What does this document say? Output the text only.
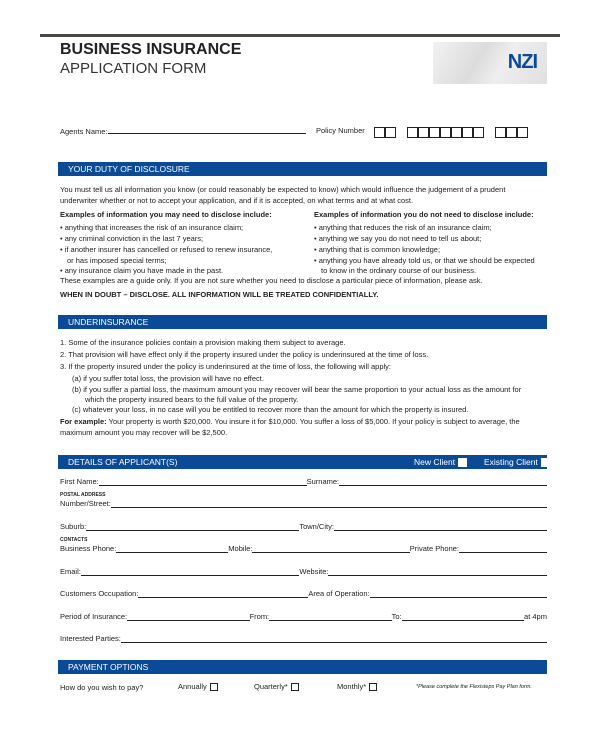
BUSINESS INSURANCE
APPLICATION FORM	NZI
Agents Name:	Policy Number
YOUR DUTY OF DISCLOSURE
You must tell us all information you know (or could reasonably be expected to know) which would influence the judgement of a prudent
underwriter whether or not to accept your application, and if it is accepted, on what terms and at what cost.
Examples of information you may need to disclose include:
• anything that increases the risk of an insurance claim;
• any criminal conviction in the last 7 years;
• if another insurer has cancelled or refused to renew insurance,
or has imposed special terms;
• any insurance claim you have made in the past.
Examples of information you do not need to disclose include:
• anything that reduces the risk of an insurance claim;
• anything we say you do not need to tell us about;
• anything that is common knowledge;
• anything you have already told us, or that we should be expected
to know in the ordinary course of our business.
These examples are a guide only. If you are not sure whether you need to disclose a particular piece of information, please ask.
WHEN IN DOUBT – DISCLOSE. ALL INFORMATION WILL BE TREATED CONFIDENTIALLY.
UNDERINSURANCE
1. Some of the insurance policies contain a provision making them subject to average.
2. That provision will have effect only if the property insured under the policy is underinsured at the time of loss.
3. If the property insured under the policy is underinsured at the time of loss, the following will apply:
(a) if you suffer total loss, the provision will have no effect.
(b) if you suffer a partial loss, the maximum amount you may recover will bear the same proportion to your actual loss as the amount for
which the property insured bears to the full value of the property.
(c) whatever your loss, in no case will you be entitled to recover more than the amount for which the property is insured.
For example: Your property is worth $20,000. You insure it for $10,000. You suffer a loss of $5,000. If your policy is subject to average, the
maximum amount you may recover will be $2,500.
DETAILS OF APPLICANT(S)	New Client	Existing Client
First Name:	Surname:
POSTAL ADDRESS
Number/Street:
Suburb:	Town/City:
CONTACTS
Business Phone:	Mobile:	Private Phone:
Email:	Website:
Customers Occupation:	Area of Operation:
Period of Insurance:	From:	To:	at 4pm
Interested Parties:
PAYMENT OPTIONS
How do you wish to pay?	Annually	Quarterly*	Monthly*	*Please complete the Flexisteps Pay Plan form.
